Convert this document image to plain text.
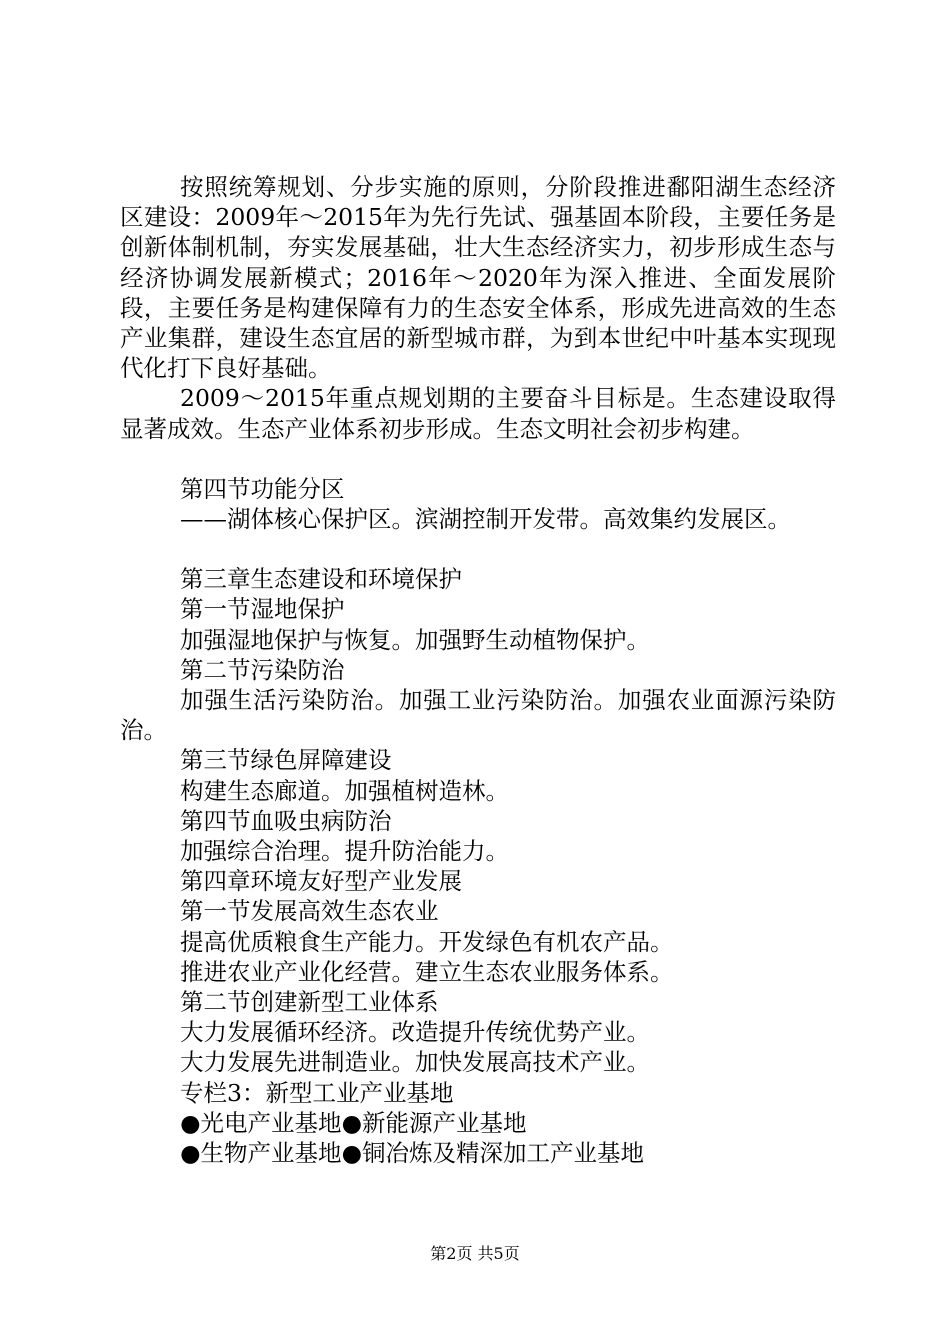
按照统筹规划、分步实施的原则，分阶段推进鄱阳湖生态经济区建设：2009年～2015年为先行先试、强基固本阶段，主要任务是创新体制机制，夯实发展基础，壮大生态经济实力，初步形成生态与经济协调发展新模式；2016年～2020年为深入推进、全面发展阶段，主要任务是构建保障有力的生态安全体系，形成先进高效的生态产业集群，建设生态宜居的新型城市群，为到本世纪中叶基本实现现代化打下良好基础。

2009～2015年重点规划期的主要奋斗目标是。生态建设取得显著成效。生态产业体系初步形成。生态文明社会初步构建。

第四节功能分区

——湖体核心保护区。滨湖控制开发带。高效集约发展区。

第三章生态建设和环境保护

第一节湿地保护

加强湿地保护与恢复。加强野生动植物保护。

第二节污染防治

加强生活污染防治。加强工业污染防治。加强农业面源污染防治。

第三节绿色屏障建设

构建生态廊道。加强植树造林。

第四节血吸虫病防治

加强综合治理。提升防治能力。

第四章环境友好型产业发展

第一节发展高效生态农业

提高优质粮食生产能力。开发绿色有机农产品。

推进农业产业化经营。建立生态农业服务体系。

第二节创建新型工业体系

大力发展循环经济。改造提升传统优势产业。

大力发展先进制造业。加快发展高技术产业。

专栏3：新型工业产业基地

●光电产业基地●新能源产业基地

●生物产业基地●铜冶炼及精深加工产业基地

第2页 共5页
